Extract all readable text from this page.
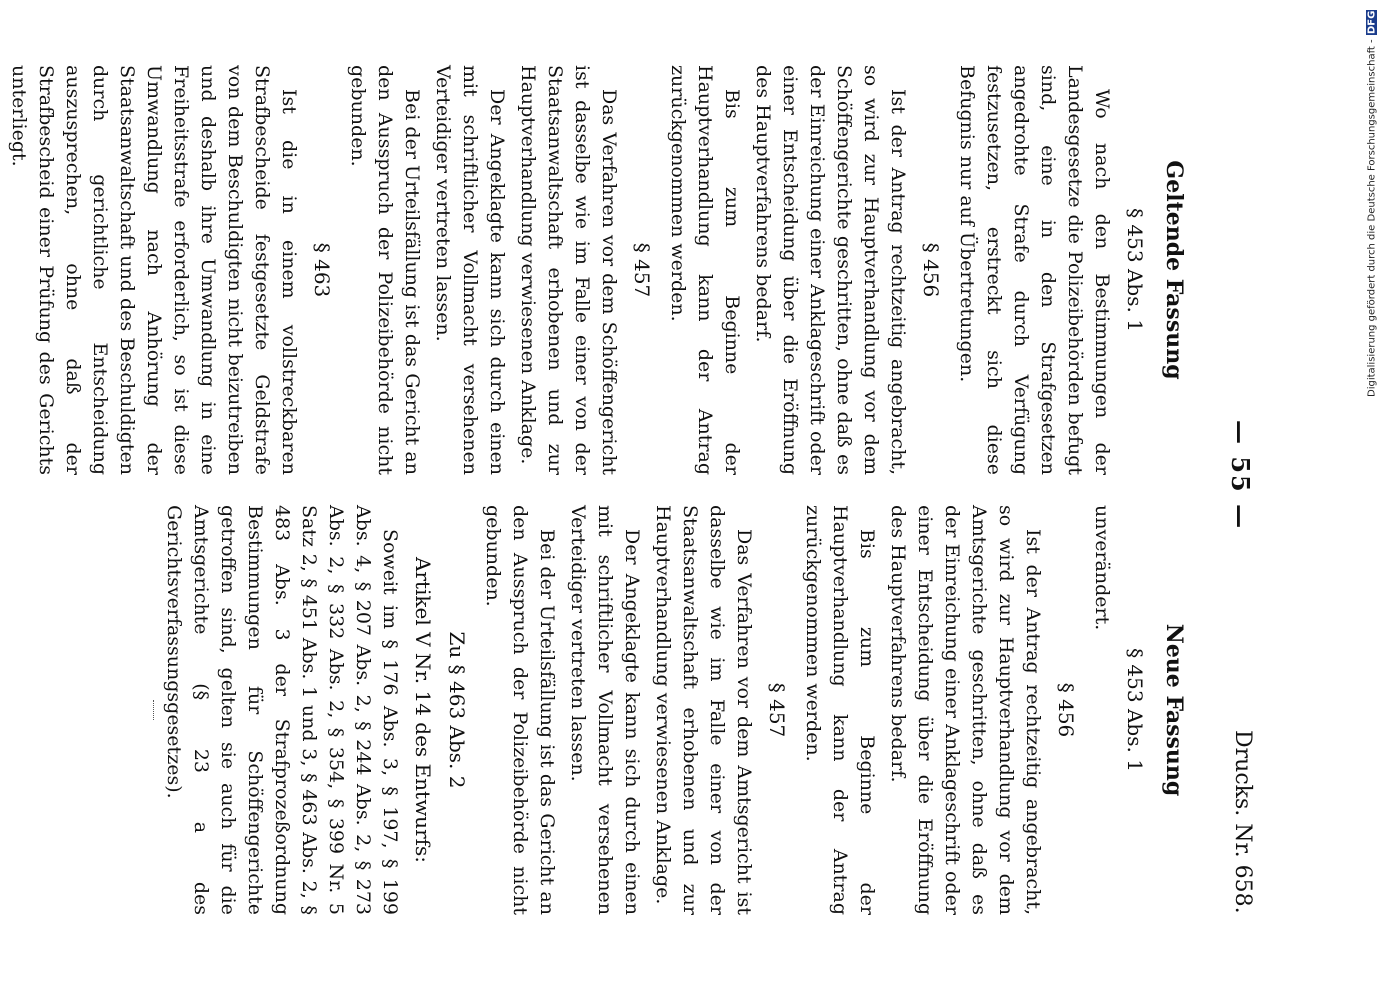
— 55 —
Drucks. Nr. 658.
Geltende Fassung
§ 453 Abs. 1

Wo nach den Bestimmungen der Landesgesetze die Polizeibehörden befugt sind, eine in den Strafgesetzen angedrohte Strafe durch Verfügung festzusetzen, erstreckt sich diese Befugnis nur auf Übertretungen.

§ 456

Ist der Antrag rechtzeitig angebracht, so wird zur Hauptverhandlung vor dem Schöffengerichte geschritten, ohne daß es der Einreichung einer Anklageschrift oder einer Entscheidung über die Eröffnung des Hauptverfahrens bedarf.

Bis zum Beginne der Hauptverhandlung kann der Antrag zurückgenommen werden.

§ 457

Das Verfahren vor dem Schöffengericht ist dasselbe wie im Falle einer von der Staatsanwaltschaft erhobenen und zur Hauptverhandlung verwiesenen Anklage.

Der Angeklagte kann sich durch einen mit schriftlicher Vollmacht versehenen Verteidiger vertreten lassen.

Bei der Urteilsfällung ist das Gericht an den Ausspruch der Polizeibehörde nicht gebunden.

§ 463

Ist die in einem vollstreckbaren Strafbescheide festgesetzte Geldstrafe von dem Beschuldigten nicht beizutreiben und deshalb ihre Umwandlung in eine Freiheitsstrafe erforderlich, so ist diese Umwandlung nach Anhörung der Staatsanwaltschaft und des Beschuldigten durch gerichtliche Entscheidung auszusprechen, ohne daß der Strafbescheid einer Prüfung des Gerichts unterliegt.

Neue Fassung
§ 453 Abs. 1

unverändert.

§ 456

Ist der Antrag rechtzeitig angebracht, so wird zur Hauptverhandlung vor dem Amtsgerichte geschritten, ohne daß es der Einreichung einer Anklageschrift oder einer Entscheidung über die Eröffnung des Hauptverfahrens bedarf.

Bis zum Beginne der Hauptverhandlung kann der Antrag zurückgenommen werden.

§ 457

Das Verfahren vor dem Amtsgericht ist dasselbe wie im Falle einer von der Staatsanwaltschaft erhobenen und zur Hauptverhandlung verwiesenen Anklage.

Der Angeklagte kann sich durch einen mit schriftlicher Vollmacht versehenen Verteidiger vertreten lassen.

Bei der Urteilsfällung ist das Gericht an den Ausspruch der Polizeibehörde nicht gebunden.

Zu § 463 Abs. 2
Artikel V Nr. 14 des Entwurfs:

Soweit im § 176 Abs. 3, § 197, § 199 Abs. 4, § 207 Abs. 2, § 244 Abs. 2, § 273 Abs. 2, § 332 Abs. 2, § 354, § 399 Nr. 5 Satz 2, § 451 Abs. 1 und 3, § 463 Abs. 2, § 483 Abs. 3 der Strafprozeßordnung Bestimmungen für Schöffengerichte getroffen sind, gelten sie auch für die Amtsgerichte (§ 23 a des Gerichtsverfassungsgesetzes).

Digitalisierung gefördert durch die Deutsche Forschungsgemeinschaft -
DFG
